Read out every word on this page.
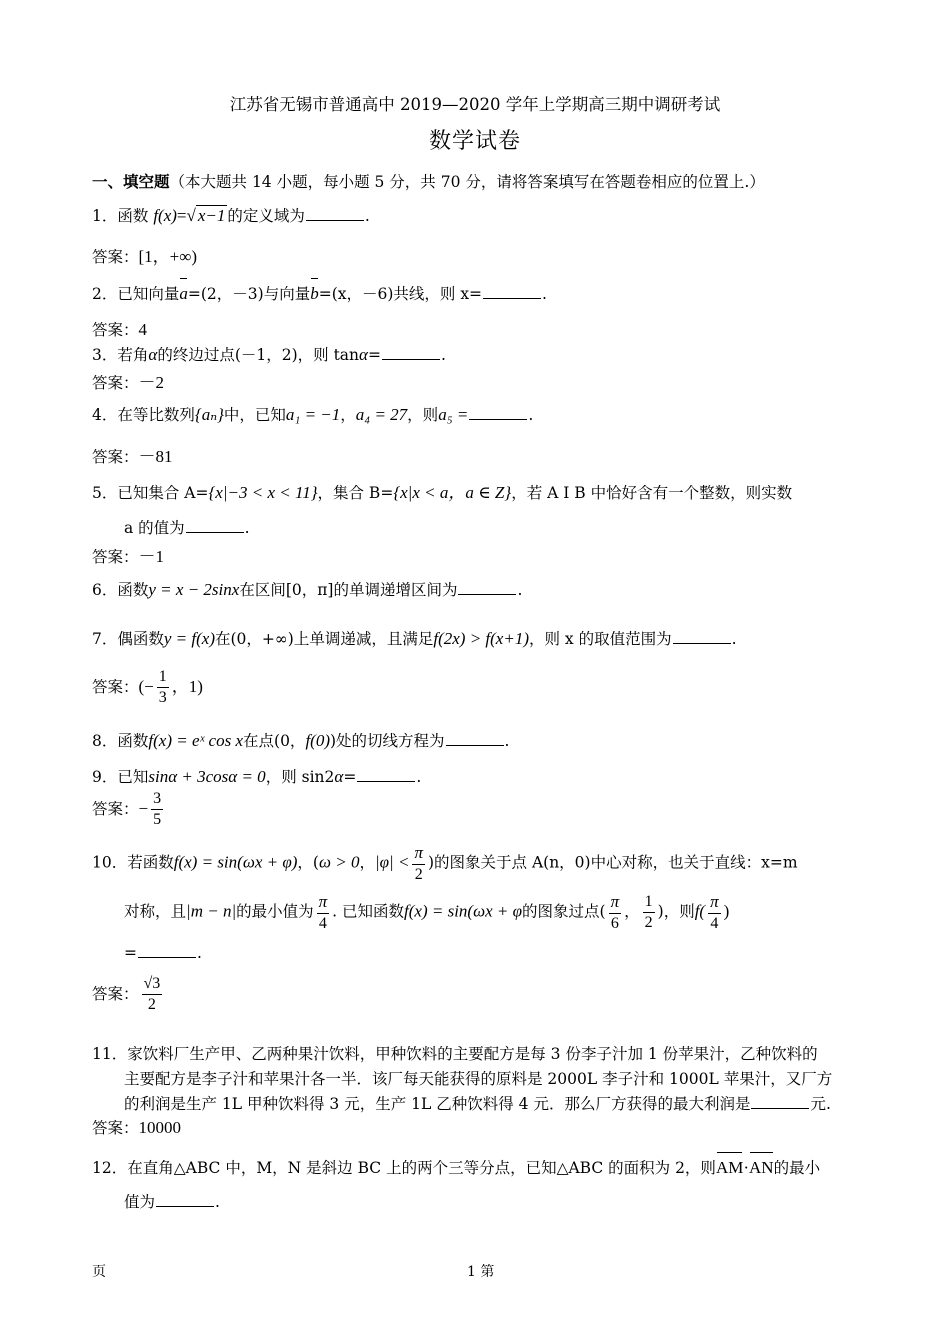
江苏省无锡市普通高中 2019—2020 学年上学期高三期中调研考试
数学试卷
一、填空题（本大题共 14 小题，每小题 5 分，共 70 分，请将答案填写在答题卷相应的位置上.）
1．函数 f(x)=√ x−1 的定义域为	.
答案：[1，+∞)
2．已知向量a=(2，－3)与向量b=(x，－6)共线，则 x=	.
答案：4
3．若角α的终边过点(－1，2)，则 tanα=	.
答案：－2
4．在等比数列{aₙ}中，已知a₁ = −1，a₄ = 27，则a₅ =	.
答案：－81
5．已知集合 A={x|−3 < x < 11}，集合 B={x|x < a，a ∈ Z}，若 A I B 中恰好含有一个整数，则实数
a 的值为	.
答案：－1
6．函数y = x − 2sinx在区间[0，π]的单调递增区间为	.
7．偶函数y = f(x)在(0，+∞)上单调递减，且满足f(2x) > f(x+1)，则 x 的取值范围为	.
答案：(− $\frac{1}{3}$ ，1)
8．函数f(x) = eˣ cos x在点(0，f(0))处的切线方程为	.
9．已知sinα + 3cosα = 0，则 sin2α=	.
答案：− $\frac{3}{5}$
10．若函数f(x) = sin(ωx + φ)，(ω > 0，$|\varphi| < \frac{\pi}{2}$ )的图象关于点 A(n，0)中心对称，也关于直线：x=m
对称，且|m − n|的最小值为 $\frac{\pi}{4}$ . 已知函数f(x) = sin(ωx + φ的图象过点( $\frac{\pi}{6}$ ， $\frac{1}{2}$ )，则$f( \frac{\pi}{4}$ )
=	.
答案： $\frac{√3}{2}$
11．家饮料厂生产甲、乙两种果汁饮料，甲种饮料的主要配方是每 3 份李子汁加 1 份苹果汁，乙种饮料的
主要配方是李子汁和苹果汁各一半．该厂每天能获得的原料是 2000L 李子汁和 1000L 苹果汁，又厂方
的利润是生产 1L 甲种饮料得 3 元，生产 1L 乙种饮料得 4 元．那么厂方获得的最大利润是	元.
答案：10000
12．在直角△ABC 中，M，N 是斜边 BC 上的两个三等分点，已知△ABC 的面积为 2，则AM·AN的最小
值为	.
页	1 第
